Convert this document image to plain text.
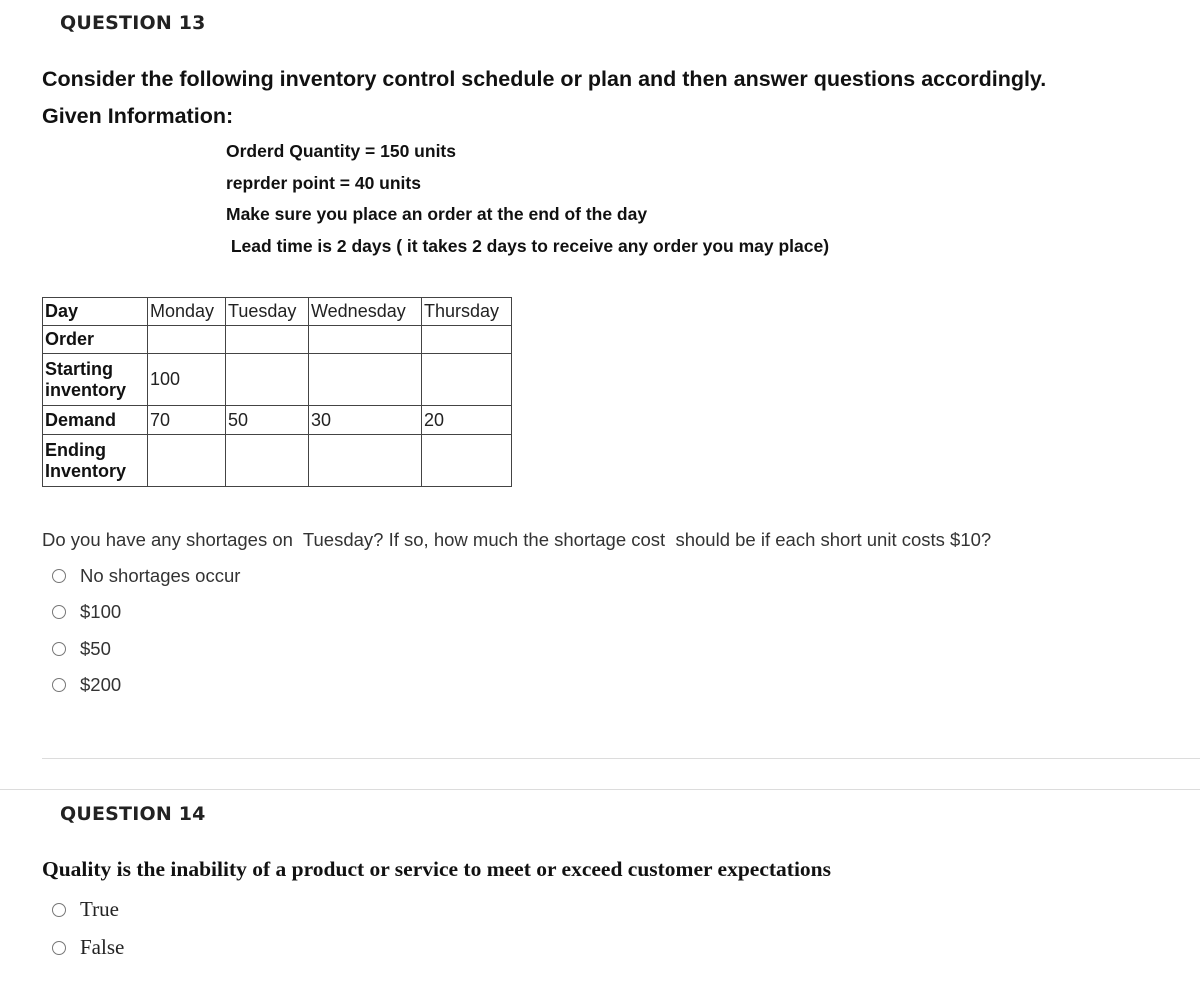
QUESTION 13
Consider the following inventory control schedule or plan and then answer questions accordingly.
Given Information:
Orderd Quantity = 150 units
reprder point = 40 units
Make sure you place an order at the end of the day
Lead time is 2 days ( it takes 2 days to receive any order you may place)
Day	Monday	Tuesday	Wednesday	Thursday
Order				
Starting inventory	100			
Demand	70	50	30	20
Ending Inventory				
Do you have any shortages on  Tuesday? If so, how much the shortage cost  should be if each short unit costs $10?
No shortages occur
$100
$50
$200
QUESTION 14
Quality is the inability of a product or service to meet or exceed customer expectations
True
False
